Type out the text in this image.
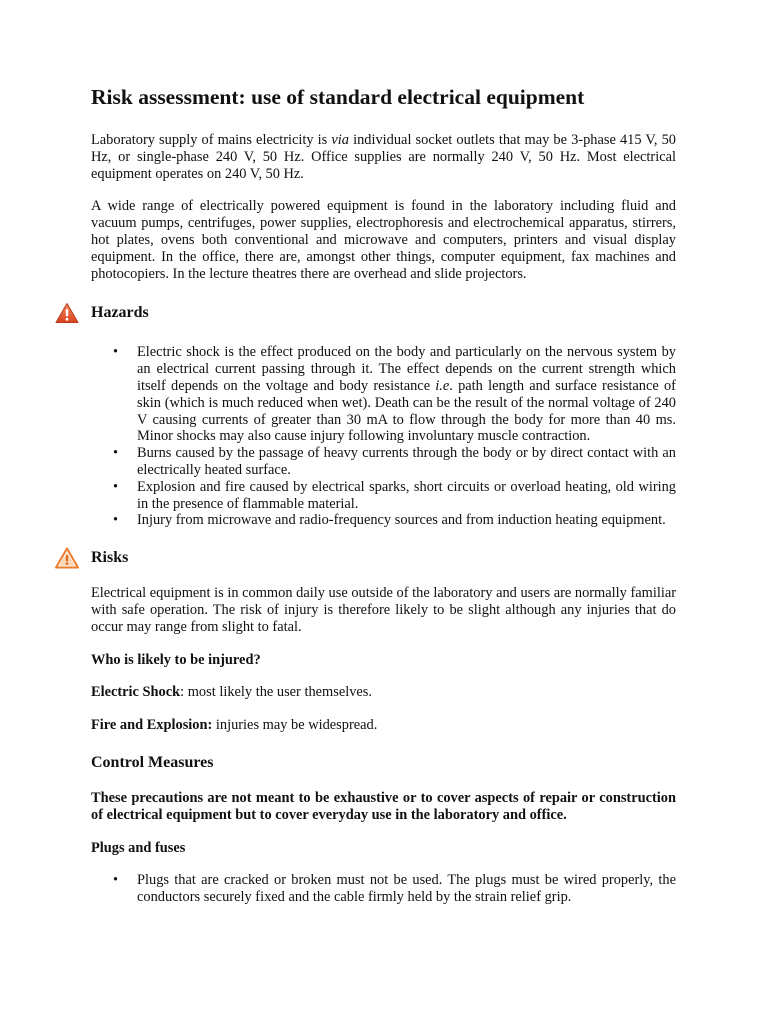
Risk assessment: use of standard electrical equipment

Laboratory supply of mains electricity is via individual socket outlets that may be 3-phase 415 V, 50 Hz, or single-phase 240 V, 50 Hz. Office supplies are normally 240 V, 50 Hz. Most electrical equipment operates on 240 V, 50 Hz.

A wide range of electrically powered equipment is found in the laboratory including fluid and vacuum pumps, centrifuges, power supplies, electrophoresis and electrochemical apparatus, stirrers, hot plates, ovens both conventional and microwave and computers, printers and visual display equipment. In the office, there are, amongst other things, computer equipment, fax machines and photocopiers. In the lecture theatres there are overhead and slide projectors.

Hazards
• Electric shock is the effect produced on the body and particularly on the nervous system by an electrical current passing through it. The effect depends on the current strength which itself depends on the voltage and body resistance i.e. path length and surface resistance of skin (which is much reduced when wet). Death can be the result of the normal voltage of 240 V causing currents of greater than 30 mA to flow through the body for more than 40 ms. Minor shocks may also cause injury following involuntary muscle contraction.
• Burns caused by the passage of heavy currents through the body or by direct contact with an electrically heated surface.
• Explosion and fire caused by electrical sparks, short circuits or overload heating, old wiring in the presence of flammable material.
• Injury from microwave and radio-frequency sources and from induction heating equipment.
Risks

Electrical equipment is in common daily use outside of the laboratory and users are normally familiar with safe operation. The risk of injury is therefore likely to be slight although any injuries that do occur may range from slight to fatal.

Who is likely to be injured?

Electric Shock: most likely the user themselves.

Fire and Explosion: injuries may be widespread.

Control Measures

These precautions are not meant to be exhaustive or to cover aspects of repair or construction of electrical equipment but to cover everyday use in the laboratory and office.

Plugs and fuses

• Plugs that are cracked or broken must not be used. The plugs must be wired properly, the conductors securely fixed and the cable firmly held by the strain relief grip.
